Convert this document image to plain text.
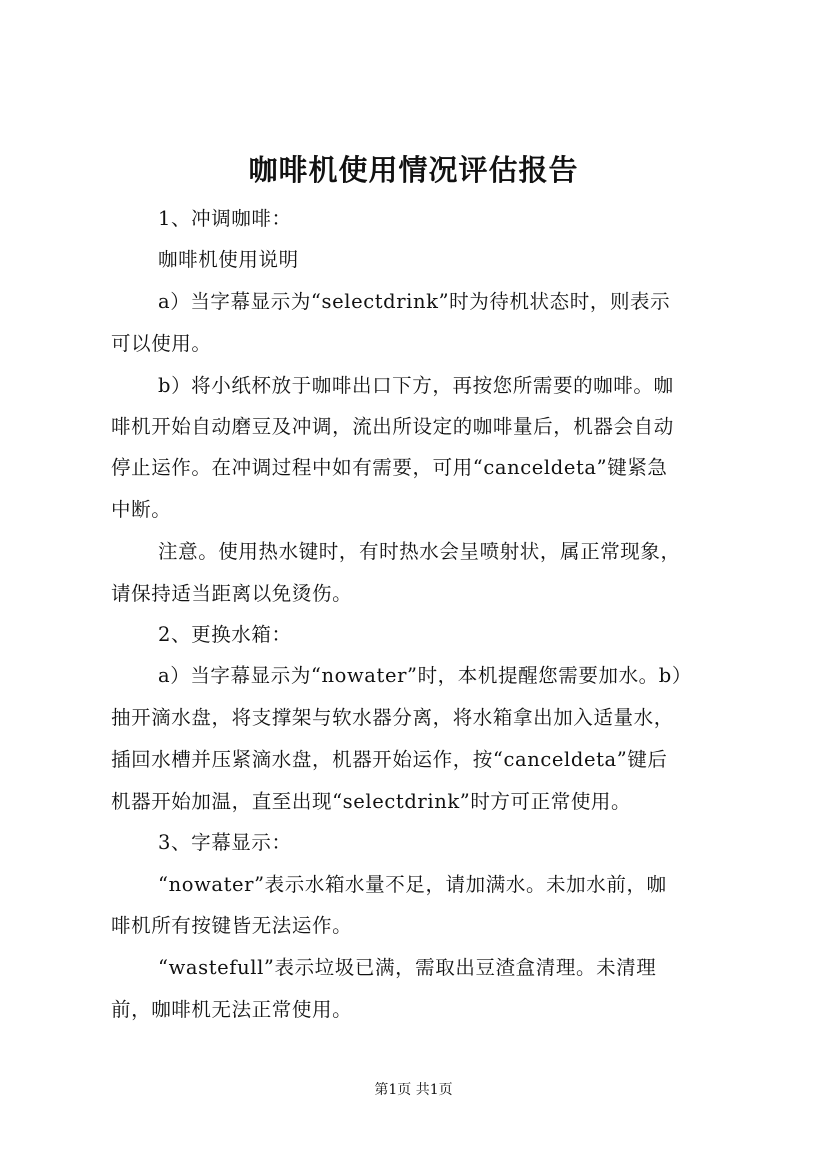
咖啡机使用情况评估报告
1、冲调咖啡：
咖啡机使用说明
a）当字幕显示为“selectdrink”时为待机状态时，则表示
可以使用。
b）将小纸杯放于咖啡出口下方，再按您所需要的咖啡。咖
啡机开始自动磨豆及冲调，流出所设定的咖啡量后，机器会自动
停止运作。在冲调过程中如有需要，可用“canceldeta”键紧急
中断。
注意。使用热水键时，有时热水会呈喷射状，属正常现象，
请保持适当距离以免烫伤。
2、更换水箱：
a）当字幕显示为“nowater”时，本机提醒您需要加水。b）
抽开滴水盘，将支撑架与软水器分离，将水箱拿出加入适量水，
插回水槽并压紧滴水盘，机器开始运作，按“canceldeta”键后
机器开始加温，直至出现“selectdrink”时方可正常使用。
3、字幕显示：
“nowater”表示水箱水量不足，请加满水。未加水前，咖
啡机所有按键皆无法运作。
“wastefull”表示垃圾已满，需取出豆渣盒清理。未清理
前，咖啡机无法正常使用。
第1页 共1页
